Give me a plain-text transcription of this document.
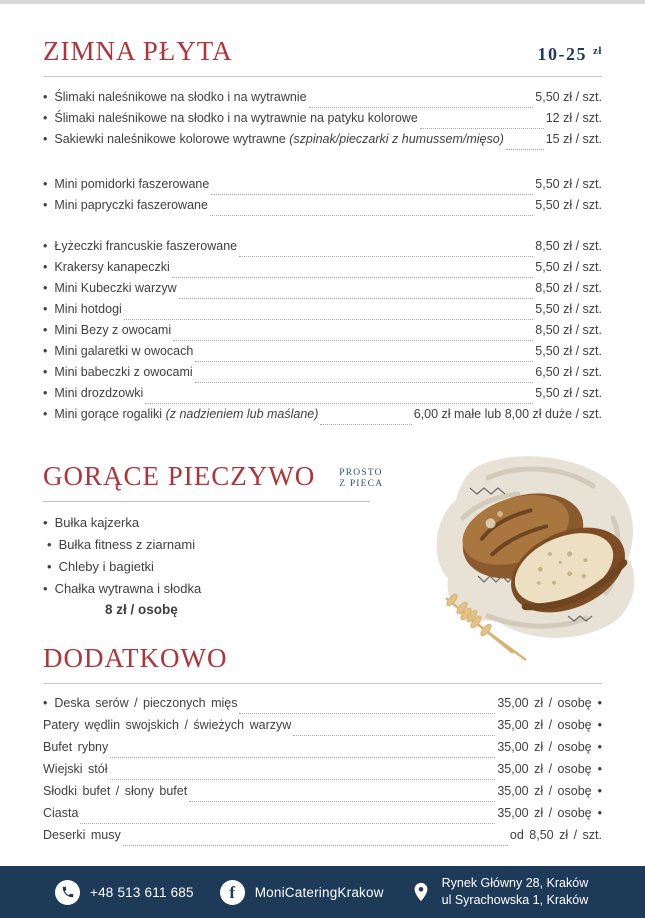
ZIMNA PŁYTA	10-25 $^{zł}$
• Ślimaki naleśnikowe na słodko i na wytrawnie	5,50 zł / szt.
• Ślimaki naleśnikowe na słodko i na wytrawnie na patyku kolorowe	12 zł / szt.
• Sakiewki naleśnikowe kolorowe wytrawne (szpinak/pieczarki z humussem/mięso)	15 zł / szt.
• Mini pomidorki faszerowane	5,50 zł / szt.
• Mini papryczki faszerowane	5,50 zł / szt.
• Łyżeczki francuskie faszerowane	8,50 zł / szt.
• Krakersy kanapeczki	5,50 zł / szt.
• Mini Kubeczki warzyw	8,50 zł / szt.
• Mini hotdogi	5,50 zł / szt.
• Mini Bezy z owocami	8,50 zł / szt.
• Mini galaretki w owocach	5,50 zł / szt.
• Mini babeczki z owocami	6,50 zł / szt.
• Mini drozdzowki	5,50 zł / szt.
• Mini gorące rogaliki (z nadzieniem lub maślane)	6,00 zł małe lub 8,00 zł duże / szt.
GORĄCE PIECZYWO	PROSTO
Z PIECA
• Bułka kajzerka
• Bułka fitness z ziarnami
• Chleby i bagietki
• Chałka wytrawna i słodka
8 zł / osobę
DODATKOWO
• Deska serów / pieczonych mięs	35,00 zł / osobę •
Patery wędlin swojskich / świeżych warzyw	35,00 zł / osobę •
Bufet rybny	35,00 zł / osobę •
Wiejski stół	35,00 zł / osobę •
Słodki bufet / słony bufet	35,00 zł / osobę •
Ciasta	35,00 zł / osobę •
Deserki musy	od 8,50 zł / szt.
+48 513 611 685 f MoniCateringKrakow
Rynek Główny 28, Kraków
ul Syrachowska 1, Kraków
